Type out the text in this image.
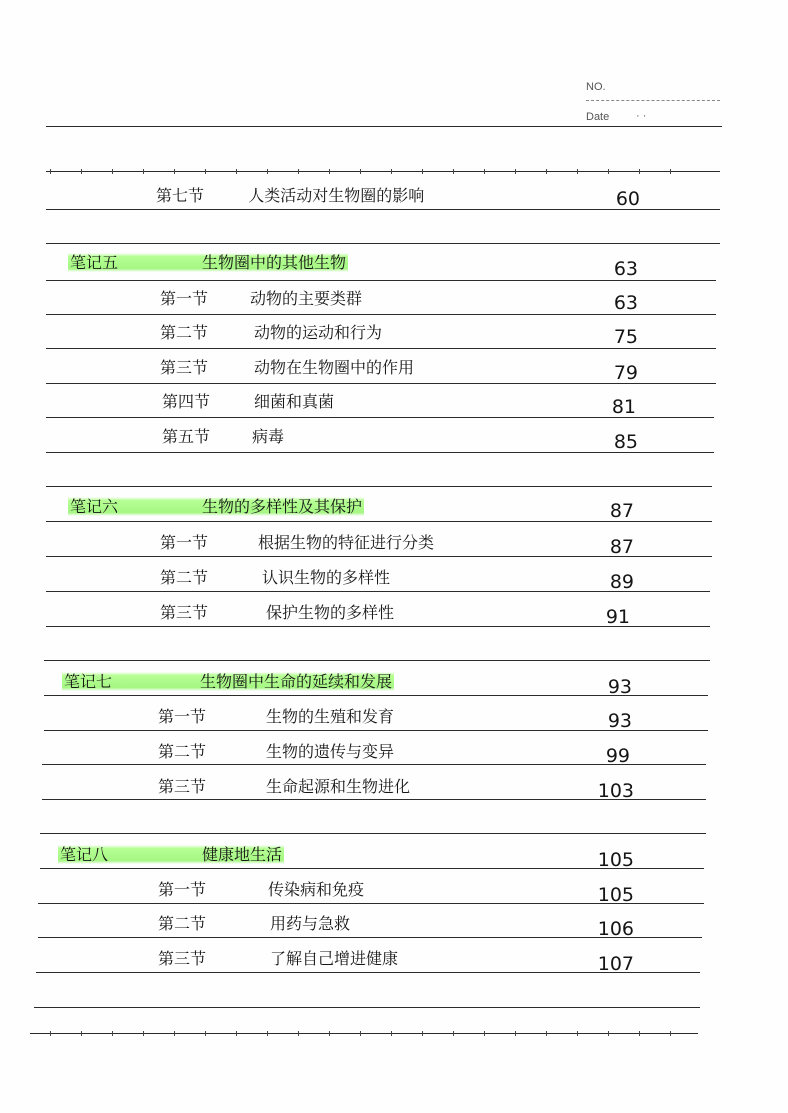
NO.
Date · ·
第七节	人类活动对生物圈的影响	60
笔记五	生物圈中的其他生物	63
第一节	动物的主要类群	63
第二节	动物的运动和行为	75
第三节	动物在生物圈中的作用	79
第四节	细菌和真菌	81
第五节	病毒	85
笔记六	生物的多样性及其保护	87
第一节	根据生物的特征进行分类	87
第二节	认识生物的多样性	89
第三节	保护生物的多样性	91
笔记七	生物圈中生命的延续和发展	93
第一节	生物的生殖和发育	93
第二节	生物的遗传与变异	99
第三节	生命起源和生物进化	103
笔记八	健康地生活	105
第一节	传染病和免疫	105
第二节	用药与急救	106
第三节	了解自己增进健康	107
